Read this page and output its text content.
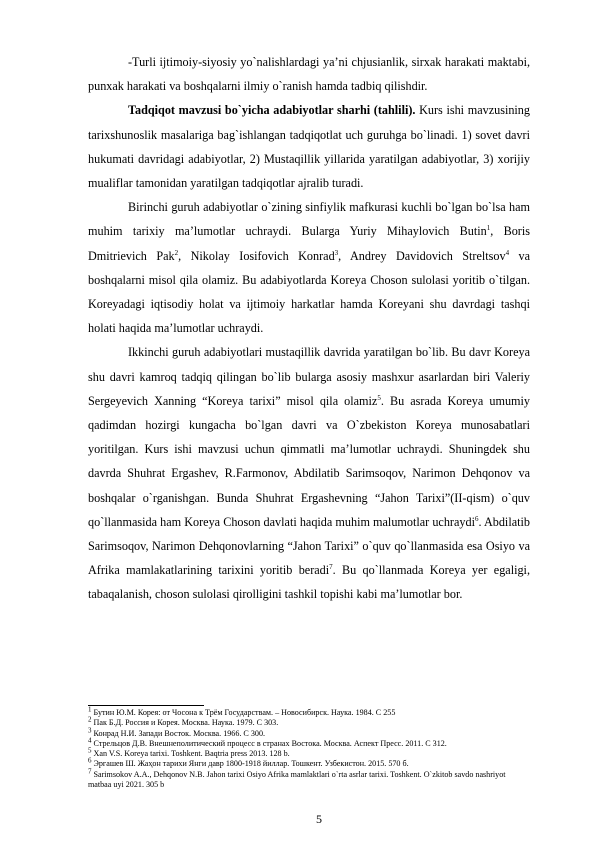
-Turli ijtimoiy-siyosiy yo`nalishlardagi ya’ni chjusianlik, sirxak harakati maktabi, punxak harakati va boshqalarni ilmiy o`ranish hamda tadbiq qilishdir.

Tadqiqot mavzusi bo`yicha adabiyotlar sharhi (tahlili). Kurs ishi mavzusining tarixshunoslik masalariga bag`ishlangan tadqiqotlat uch guruhga bo`linadi. 1) sovet davri hukumati davridagi adabiyotlar, 2) Mustaqillik yillarida yaratilgan adabiyotlar, 3) xorijiy mualiflar tamonidan yaratilgan tadqiqotlar ajralib turadi.

Birinchi guruh adabiyotlar o`zining sinfiylik mafkurasi kuchli bo`lgan bo`lsa ham muhim tarixiy ma’lumotlar uchraydi. Bularga Yuriy Mihaylovich Butin$^1$, Boris Dmitrievich Pak$^2$, Nikolay Iosifovich Konrad$^3$, Andrey Davidovich Streltsov$^4$ va boshqalarni misol qila olamiz. Bu adabiyotlarda Koreya Choson sulolasi yoritib o`tilgan. Koreyadagi iqtisodiy holat va ijtimoiy harkatlar hamda Koreyani shu davrdagi tashqi holati haqida ma’lumotlar uchraydi.

Ikkinchi guruh adabiyotlari mustaqillik davrida yaratilgan bo`lib. Bu davr Koreya shu davri kamroq tadqiq qilingan bo`lib bularga asosiy mashxur asarlardan biri Valeriy Sergeyevich Xanning “Koreya tarixi” misol qila olamiz$^5$. Bu asrada Koreya umumiy qadimdan hozirgi kungacha bo`lgan davri va O`zbekiston Koreya munosabatlari yoritilgan. Kurs ishi mavzusi uchun qimmatli ma’lumotlar uchraydi. Shuningdek shu davrda Shuhrat Ergashev, R.Farmonov, Abdilatib Sarimsoqov, Narimon Dehqonov va boshqalar o`rganishgan. Bunda Shuhrat Ergashevning “Jahon Tarixi”(II-qism) o`quv qo`llanmasida ham Koreya Choson davlati haqida muhim malumotlar uchraydi$^6$. Abdilatib Sarimsoqov, Narimon Dehqonovlarning “Jahon Tarixi” o`quv qo`llanmasida esa Osiyo va Afrika mamlakatlarining tarixini yoritib beradi$^7$. Bu qo`llanmada Koreya yer egaligi, tabaqalanish, choson sulolasi qirolligini tashkil topishi kabi ma’lumotlar bor.

$^1$ Бутин Ю.М. Корея: от Чосона к Трём Государствам. – Новосибирск. Наука. 1984. С 255

$^2$ Пак Б.Д. Россия и Корея. Москва. Наука. 1979. С 303.

$^3$ Конрад Н.И. Запади Восток. Москва. 1966. С 300.

$^4$ Стрельцов Д.В. Внешнеполитический процесс в странах Востока. Москва. Аспект Пресс. 2011. С 312.

$^5$ Xan V.S. Koreya tarixi. Toshkent. Baqtria press 2013. 128 b.

$^6$ Эргашев Ш. Жаҳон тарихи Янги давр 1800-1918 йиллар. Тошкент. Узбекистон. 2015. 570 б.

$^7$ Sarimsokov A.A., Dehqonov N.B. Jahon tarixi Osiyo Afrika mamlaktlari o`rta asrlar tarixi. Toshkent. O`zkitob savdo nashriyot matbaa uyi 2021. 305 b

5
